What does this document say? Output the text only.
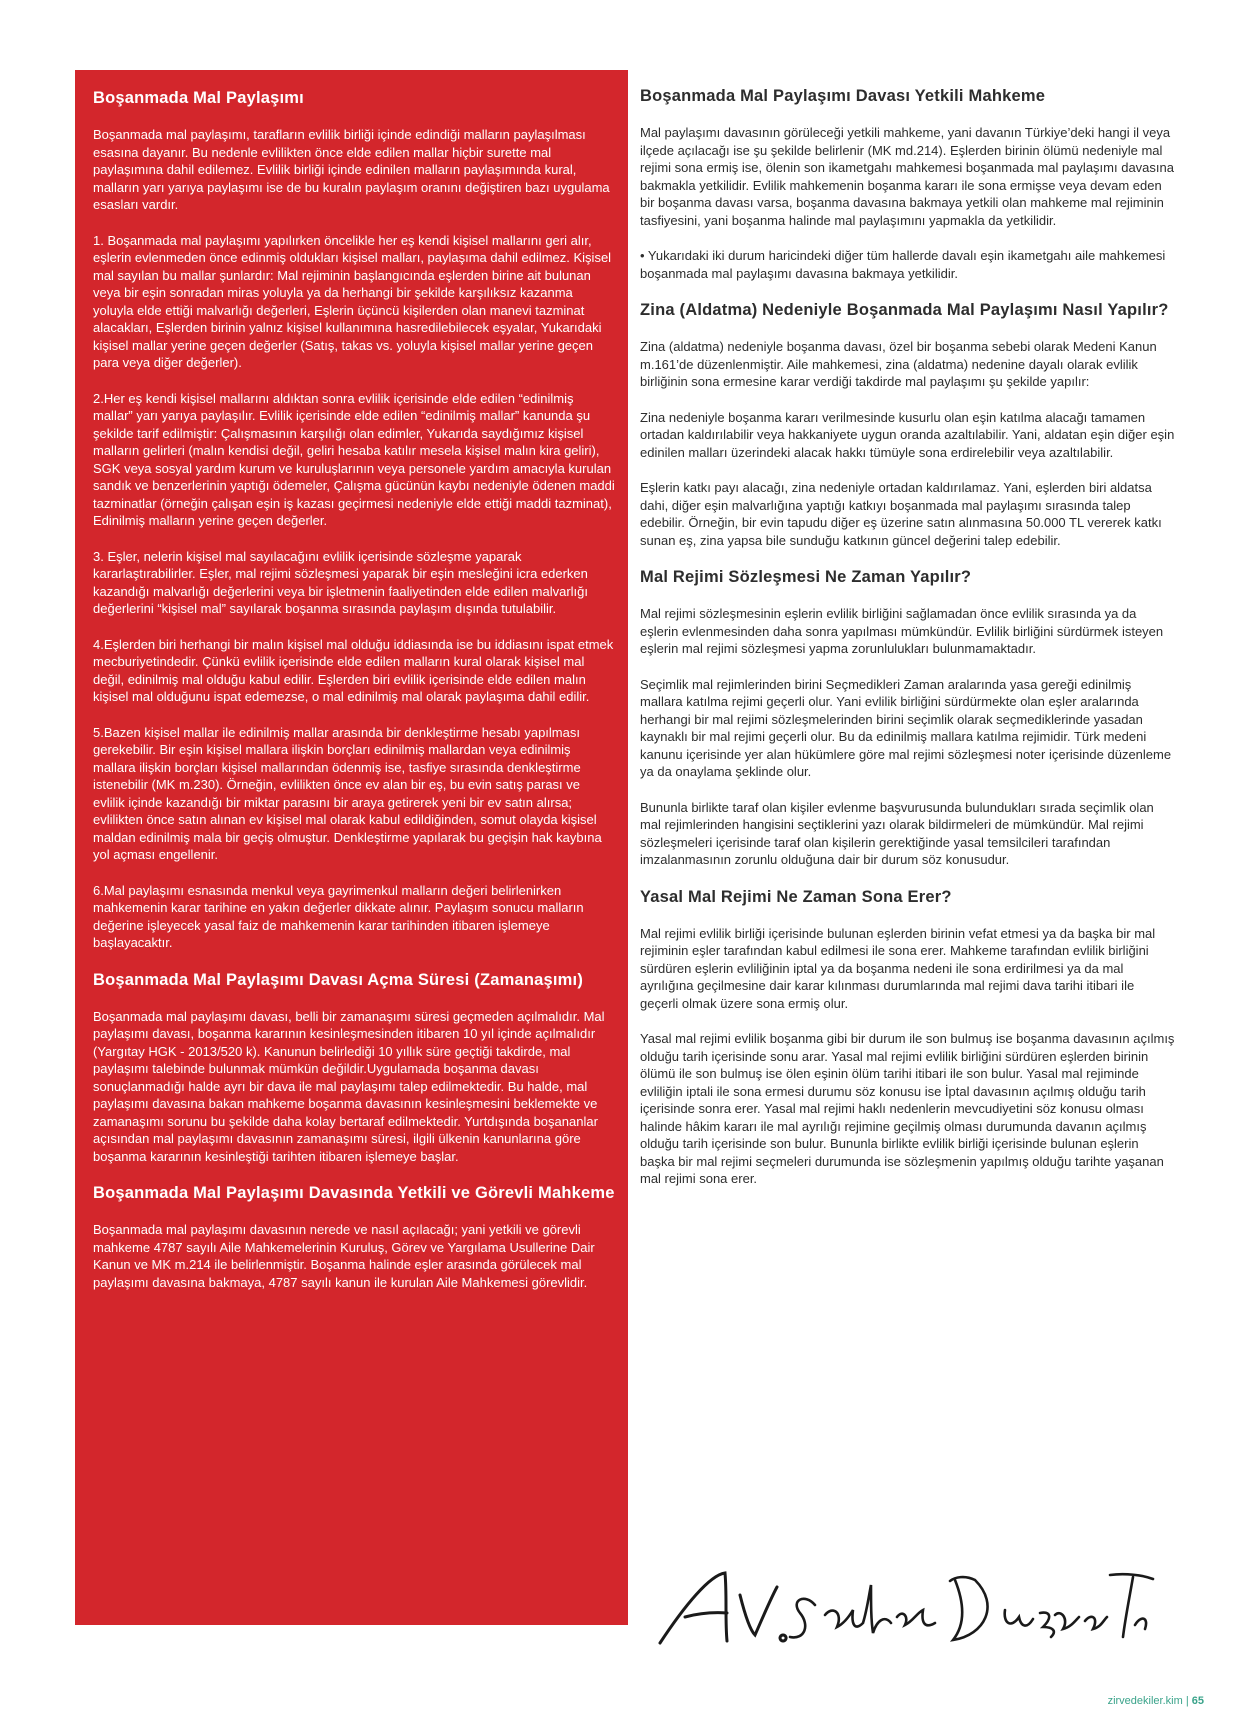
Boşanmada Mal Paylaşımı

Boşanmada mal paylaşımı, tarafların evlilik birliği içinde edindiği malların paylaşılması esasına dayanır. Bu nedenle evlilikten önce elde edilen mallar hiçbir surette mal paylaşımına dahil edilemez. Evlilik birliği içinde edinilen malların paylaşımında kural, malların yarı yarıya paylaşımı ise de bu kuralın paylaşım oranını değiştiren bazı uygulama esasları vardır.

1. Boşanmada mal paylaşımı yapılırken öncelikle her eş kendi kişisel mallarını geri alır, eşlerin evlenmeden önce edinmiş oldukları kişisel malları, paylaşıma dahil edilmez. Kişisel mal sayılan bu mallar şunlardır: Mal rejiminin başlangıcında eşlerden birine ait bulunan veya bir eşin sonradan miras yoluyla ya da herhangi bir şekilde karşılıksız kazanma yoluyla elde ettiği malvarlığı değerleri, Eşlerin üçüncü kişilerden olan manevi tazminat alacakları, Eşlerden birinin yalnız kişisel kullanımına hasredilebilecek eşyalar, Yukarıdaki kişisel mallar yerine geçen değerler (Satış, takas vs. yoluyla kişisel mallar yerine geçen para veya diğer değerler).

2.Her eş kendi kişisel mallarını aldıktan sonra evlilik içerisinde elde edilen “edinilmiş mallar” yarı yarıya paylaşılır. Evlilik içerisinde elde edilen “edinilmiş mallar” kanunda şu şekilde tarif edilmiştir: Çalışmasının karşılığı olan edimler, Yukarıda saydığımız kişisel malların gelirleri (malın kendisi değil, geliri hesaba katılır mesela kişisel malın kira geliri), SGK veya sosyal yardım kurum ve kuruluşlarının veya personele yardım amacıyla kurulan sandık ve benzerlerinin yaptığı ödemeler, Çalışma gücünün kaybı nedeniyle ödenen maddi tazminatlar (örneğin çalışan eşin iş kazası geçirmesi nedeniyle elde ettiği maddi tazminat), Edinilmiş malların yerine geçen değerler.

3. Eşler, nelerin kişisel mal sayılacağını evlilik içerisinde sözleşme yaparak kararlaştırabilirler. Eşler, mal rejimi sözleşmesi yaparak bir eşin mesleğini icra ederken kazandığı malvarlığı değerlerini veya bir işletmenin faaliyetinden elde edilen malvarlığı değerlerini “kişisel mal” sayılarak boşanma sırasında paylaşım dışında tutulabilir.

4.Eşlerden biri herhangi bir malın kişisel mal olduğu iddiasında ise bu iddiasını ispat etmek mecburiyetindedir. Çünkü evlilik içerisinde elde edilen malların kural olarak kişisel mal değil, edinilmiş mal olduğu kabul edilir. Eşlerden biri evlilik içerisinde elde edilen malın kişisel mal olduğunu ispat edemezse, o mal edinilmiş mal olarak paylaşıma dahil edilir.

5.Bazen kişisel mallar ile edinilmiş mallar arasında bir denkleştirme hesabı yapılması gerekebilir. Bir eşin kişisel mallara ilişkin borçları edinilmiş mallardan veya edinilmiş mallara ilişkin borçları kişisel mallarından ödenmiş ise, tasfiye sırasında denkleştirme istenebilir (MK m.230). Örneğin, evlilikten önce ev alan bir eş, bu evin satış parası ve evlilik içinde kazandığı bir miktar parasını bir araya getirerek yeni bir ev satın alırsa; evlilikten önce satın alınan ev kişisel mal olarak kabul edildiğinden, somut olayda kişisel maldan edinilmiş mala bir geçiş olmuştur. Denkleştirme yapılarak bu geçişin hak kaybına yol açması engellenir.

6.Mal paylaşımı esnasında menkul veya gayrimenkul malların değeri belirlenirken mahkemenin karar tarihine en yakın değerler dikkate alınır. Paylaşım sonucu malların değerine işleyecek yasal faiz de mahkemenin karar tarihinden itibaren işlemeye başlayacaktır.

Boşanmada Mal Paylaşımı Davası Açma Süresi (Zamanaşımı)

Boşanmada mal paylaşımı davası, belli bir zamanaşımı süresi geçmeden açılmalıdır. Mal paylaşımı davası, boşanma kararının kesinleşmesinden itibaren 10 yıl içinde açılmalıdır (Yargıtay HGK - 2013/520 k). Kanunun belirlediği 10 yıllık süre geçtiği takdirde, mal paylaşımı talebinde bulunmak mümkün değildir.Uygulamada boşanma davası sonuçlanmadığı halde ayrı bir dava ile mal paylaşımı talep edilmektedir. Bu halde, mal paylaşımı davasına bakan mahkeme boşanma davasının kesinleşmesini beklemekte ve zamanaşımı sorunu bu şekilde daha kolay bertaraf edilmektedir. Yurtdışında boşananlar açısından mal paylaşımı davasının zamanaşımı süresi, ilgili ülkenin kanunlarına göre boşanma kararının kesinleştiği tarihten itibaren işlemeye başlar.

Boşanmada Mal Paylaşımı Davasında Yetkili ve Görevli Mahkeme

Boşanmada mal paylaşımı davasının nerede ve nasıl açılacağı; yani yetkili ve görevli mahkeme 4787 sayılı Aile Mahkemelerinin Kuruluş, Görev ve Yargılama Usullerine Dair Kanun ve MK m.214 ile belirlenmiştir. Boşanma halinde eşler arasında görülecek mal paylaşımı davasına bakmaya, 4787 sayılı kanun ile kurulan Aile Mahkemesi görevlidir.

Boşanmada Mal Paylaşımı Davası Yetkili Mahkeme

Mal paylaşımı davasının görüleceği yetkili mahkeme, yani davanın Türkiye’deki hangi il veya ilçede açılacağı ise şu şekilde belirlenir (MK md.214). Eşlerden birinin ölümü nedeniyle mal rejimi sona ermiş ise, ölenin son ikametgahı mahkemesi boşanmada mal paylaşımı davasına bakmakla yetkilidir. Evlilik mahkemenin boşanma kararı ile sona ermişse veya devam eden bir boşanma davası varsa, boşanma davasına bakmaya yetkili olan mahkeme mal rejiminin tasfiyesini, yani boşanma halinde mal paylaşımını yapmakla da yetkilidir.

• Yukarıdaki iki durum haricindeki diğer tüm hallerde davalı eşin ikametgahı aile mahkemesi boşanmada mal paylaşımı davasına bakmaya yetkilidir.

Zina (Aldatma) Nedeniyle Boşanmada Mal Paylaşımı Nasıl Yapılır?

Zina (aldatma) nedeniyle boşanma davası, özel bir boşanma sebebi olarak Medeni Kanun m.161’de düzenlenmiştir. Aile mahkemesi, zina (aldatma) nedenine dayalı olarak evlilik birliğinin sona ermesine karar verdiği takdirde mal paylaşımı şu şekilde yapılır:

Zina nedeniyle boşanma kararı verilmesinde kusurlu olan eşin katılma alacağı tamamen ortadan kaldırılabilir veya hakkaniyete uygun oranda azaltılabilir. Yani, aldatan eşin diğer eşin edinilen malları üzerindeki alacak hakkı tümüyle sona erdirelebilir veya azaltılabilir.

Eşlerin katkı payı alacağı, zina nedeniyle ortadan kaldırılamaz. Yani, eşlerden biri aldatsa dahi, diğer eşin malvarlığına yaptığı katkıyı boşanmada mal paylaşımı sırasında talep edebilir. Örneğin, bir evin tapudu diğer eş üzerine satın alınmasına 50.000 TL vererek katkı sunan eş, zina yapsa bile sunduğu katkının güncel değerini talep edebilir.

Mal Rejimi Sözleşmesi Ne Zaman Yapılır?

Mal rejimi sözleşmesinin eşlerin evlilik birliğini sağlamadan önce evlilik sırasında ya da eşlerin evlenmesinden daha sonra yapılması mümkündür. Evlilik birliğini sürdürmek isteyen eşlerin mal rejimi sözleşmesi yapma zorunlulukları bulunmamaktadır.

Seçimlik mal rejimlerinden birini Seçmedikleri Zaman aralarında yasa gereği edinilmiş mallara katılma rejimi geçerli olur. Yani evlilik birliğini sürdürmekte olan eşler aralarında herhangi bir mal rejimi sözleşmelerinden birini seçimlik olarak seçmediklerinde yasadan kaynaklı bir mal rejimi geçerli olur. Bu da edinilmiş mallara katılma rejimidir. Türk medeni kanunu içerisinde yer alan hükümlere göre mal rejimi sözleşmesi noter içerisinde düzenleme ya da onaylama şeklinde olur.

Bununla birlikte taraf olan kişiler evlenme başvurusunda bulundukları sırada seçimlik olan mal rejimlerinden hangisini seçtiklerini yazı olarak bildirmeleri de mümkündür. Mal rejimi sözleşmeleri içerisinde taraf olan kişilerin gerektiğinde yasal temsilcileri tarafından imzalanmasının zorunlu olduğuna dair bir durum söz konusudur.

Yasal Mal Rejimi Ne Zaman Sona Erer?

Mal rejimi evlilik birliği içerisinde bulunan eşlerden birinin vefat etmesi ya da başka bir mal rejiminin eşler tarafından kabul edilmesi ile sona erer. Mahkeme tarafından evlilik birliğini sürdüren eşlerin evliliğinin iptal ya da boşanma nedeni ile sona erdirilmesi ya da mal ayrılığına geçilmesine dair karar kılınması durumlarında mal rejimi dava tarihi itibari ile geçerli olmak üzere sona ermiş olur.

Yasal mal rejimi evlilik boşanma gibi bir durum ile son bulmuş ise boşanma davasının açılmış olduğu tarih içerisinde sonu arar. Yasal mal rejimi evlilik birliğini sürdüren eşlerden birinin ölümü ile son bulmuş ise ölen eşinin ölüm tarihi itibari ile son bulur. Yasal mal rejiminde evliliğin iptali ile sona ermesi durumu söz konusu ise İptal davasının açılmış olduğu tarih içerisinde sonra erer. Yasal mal rejimi haklı nedenlerin mevcudiyetini söz konusu olması halinde hâkim kararı ile mal ayrılığı rejimine geçilmiş olması durumunda davanın açılmış olduğu tarih içerisinde son bulur. Bununla birlikte evlilik birliği içerisinde bulunan eşlerin başka bir mal rejimi seçmeleri durumunda ise sözleşmenin yapılmış olduğu tarihte yaşanan mal rejimi sona erer.

zirvedekiler.kim | 65
